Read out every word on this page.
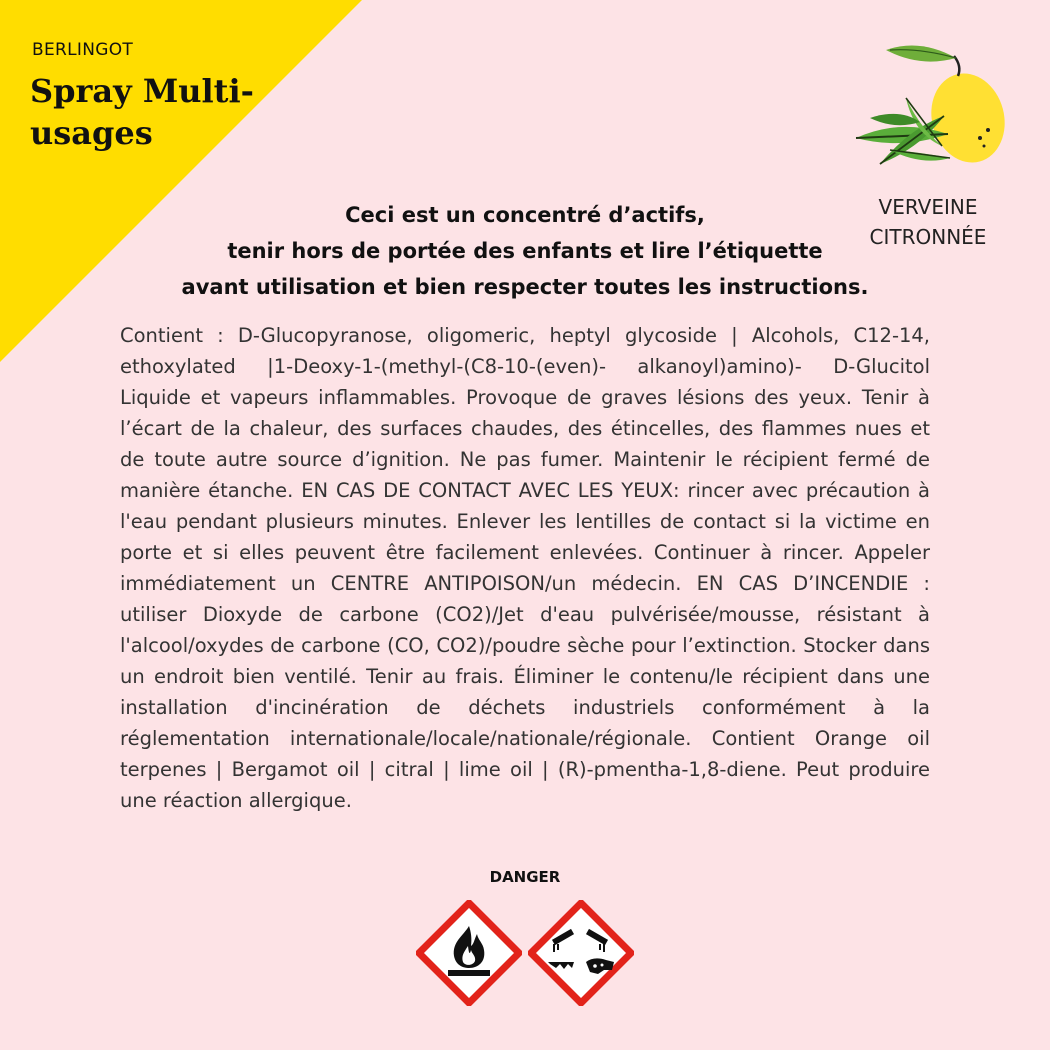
BERLINGOT
Spray Multi-
usages
VERVEINE
CITRONNÉE
Ceci est un concentré d’actifs,
tenir hors de portée des enfants et lire l’étiquette
avant utilisation et bien respecter toutes les instructions.
Contient : D-Glucopyranose, oligomeric, heptyl glycoside | Alcohols, C12-14, ethoxylated |1-Deoxy-1-(methyl-(C8-10-(even)- alkanoyl)amino)- D-Glucitol Liquide et vapeurs inflammables. Provoque de graves lésions des yeux. Tenir à l’écart de la chaleur, des surfaces chaudes, des étincelles, des flammes nues et de toute autre source d’ignition. Ne pas fumer. Maintenir le récipient fermé de manière étanche. EN CAS DE CONTACT AVEC LES YEUX: rincer avec précaution à l'eau pendant plusieurs minutes. Enlever les lentilles de contact si la victime en porte et si elles peuvent être facilement enlevées. Continuer à rincer. Appeler immédiatement un CENTRE ANTIPOISON/un médecin. EN CAS D’INCENDIE : utiliser Dioxyde de carbone (CO2)/Jet d'eau pulvérisée/mousse, résistant à l'alcool/oxydes de carbone (CO, CO2)/poudre sèche pour l’extinction. Stocker dans un endroit bien ventilé. Tenir au frais. Éliminer le contenu/le récipient dans une installation d'incinération de déchets industriels conformément à la réglementation internationale/locale/nationale/régionale. Contient Orange oil terpenes | Bergamot oil | citral | lime oil | (R)-pmentha-1,8-diene. Peut produire une réaction allergique.
DANGER
